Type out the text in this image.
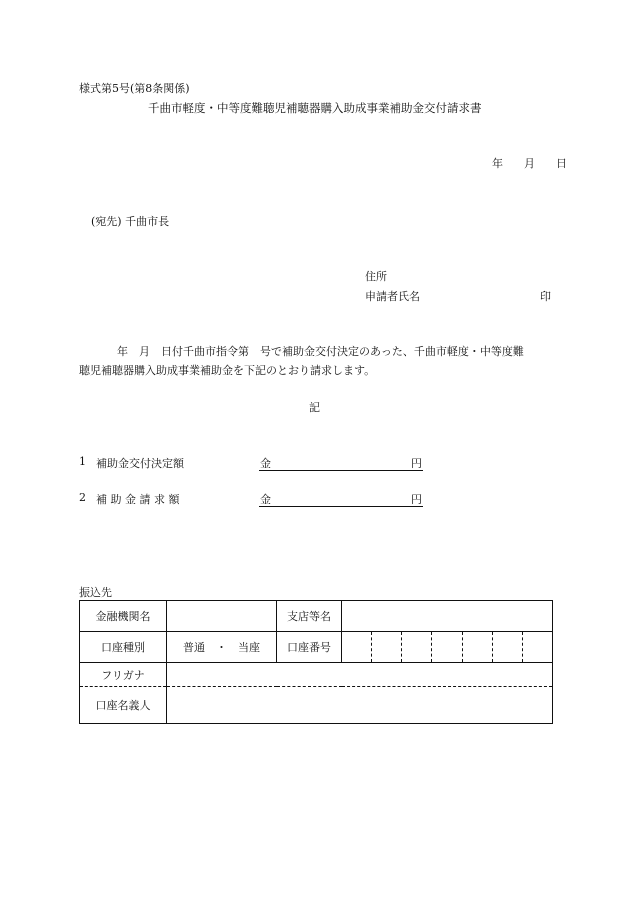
様式第5号(第8条関係)
千曲市軽度・中等度難聴児補聴器購入助成事業補助金交付請求書
年 月 日
(宛先) 千曲市長
住所
申請者氏名	印
年　月　日付千曲市指令第　号で補助金交付決定のあった、千曲市軽度・中等度難
聴児補聴器購入助成事業補助金を下記のとおり請求します。
記
1 補助金交付決定額	金	円
2 補 助 金 請 求 額	金	円
振込先
金融機関名		支店等名	
口座種別	普通　・　当座	口座番号	

フリガナ			
口座名義人			
